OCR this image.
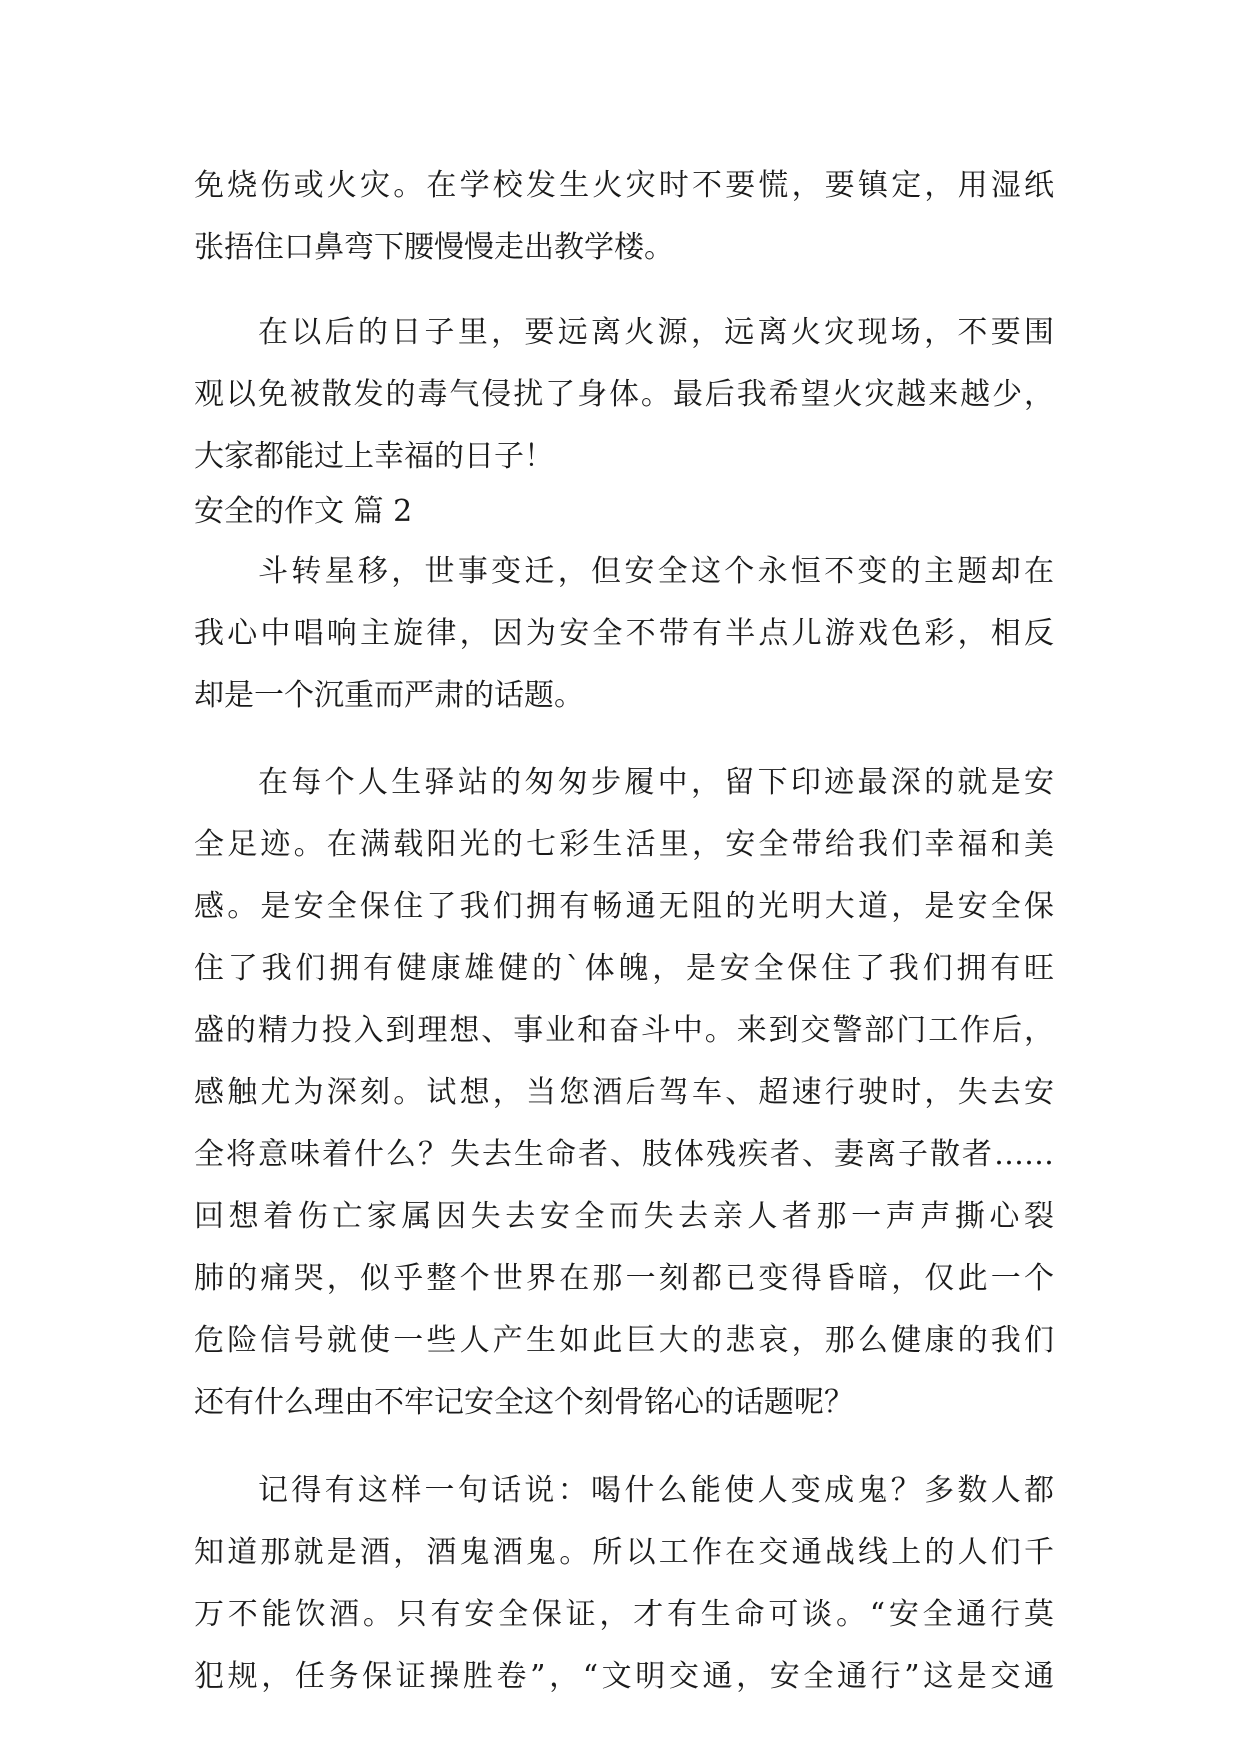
免烧伤或火灾。在学校发生火灾时不要慌，要镇定，用湿纸
张捂住口鼻弯下腰慢慢走出教学楼。
在以后的日子里，要远离火源，远离火灾现场，不要围
观以免被散发的毒气侵扰了身体。最后我希望火灾越来越少，
大家都能过上幸福的日子！
安全的作文 篇 2
斗转星移，世事变迁，但安全这个永恒不变的主题却在
我心中唱响主旋律，因为安全不带有半点儿游戏色彩，相反
却是一个沉重而严肃的话题。
在每个人生驿站的匆匆步履中，留下印迹最深的就是安
全足迹。在满载阳光的七彩生活里，安全带给我们幸福和美
感。是安全保住了我们拥有畅通无阻的光明大道，是安全保
住了我们拥有健康雄健的`体魄，是安全保住了我们拥有旺
盛的精力投入到理想、事业和奋斗中。来到交警部门工作后，
感触尤为深刻。试想，当您酒后驾车、超速行驶时，失去安
全将意味着什么？失去生命者、肢体残疾者、妻离子散者……
回想着伤亡家属因失去安全而失去亲人者那一声声撕心裂
肺的痛哭，似乎整个世界在那一刻都已变得昏暗，仅此一个
危险信号就使一些人产生如此巨大的悲哀，那么健康的我们
还有什么理由不牢记安全这个刻骨铭心的话题呢？
记得有这样一句话说：喝什么能使人变成鬼？多数人都
知道那就是酒，酒鬼酒鬼。所以工作在交通战线上的人们千
万不能饮酒。只有安全保证，才有生命可谈。“安全通行莫
犯规，任务保证操胜卷”，“文明交通，安全通行”这是交通
